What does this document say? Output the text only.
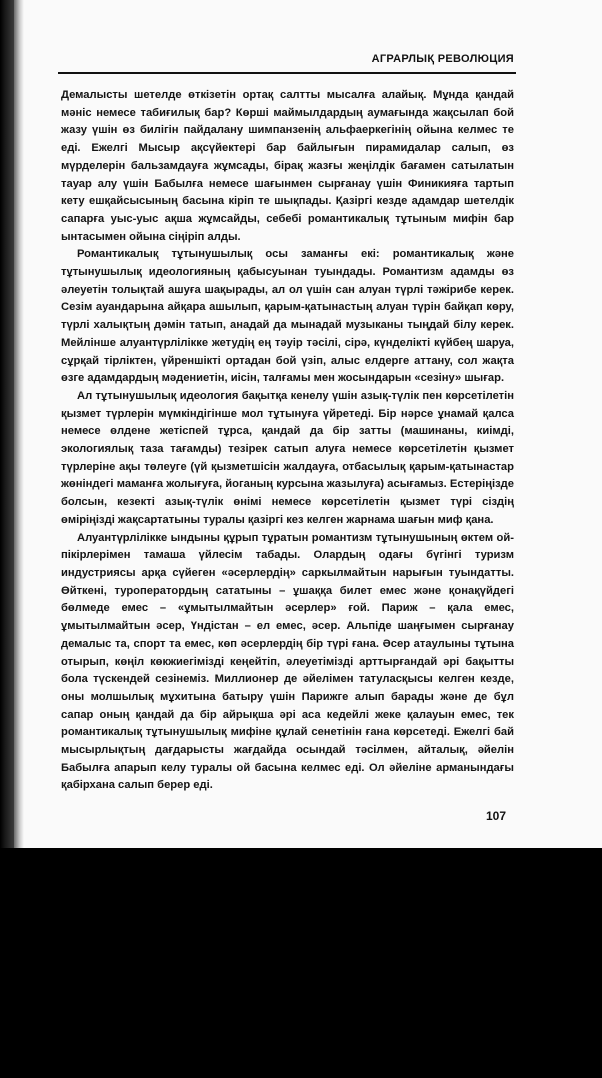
АГРАРЛЫҚ РЕВОЛЮЦИЯ

Демалысты шетелде өткізетін ортақ салтты мысалға алайық. Мұнда қандай мәніс немесе табиғилық бар? Көрші маймылдардың аумағында жақсылап бой жазу үшін өз билігін пайдалану шимпанзенің альфаеркегінің ойына келмес те еді. Ежелгі Мысыр ақсүйектері бар байлығын пирамидалар салып, өз мүрделерін бальзамдауға жұмсады, бірақ жазғы жеңілдік бағамен сатылатын тауар алу үшін Бабылға немесе шағынмен сырғанау үшін Финикияға тартып кету ешқайсысының басына кіріп те шықпады. Қазіргі кезде адамдар шетелдік сапарға уыс-уыс ақша жұмсайды, себебі романтикалық тұтыным мифін бар ынтасымен ойына сіңіріп алды.

Романтикалық тұтынушылық осы заманғы екі: романтикалық және тұтынушылық идеологияның қабысуынан туындады. Романтизм адамды өз әлеуетін толықтай ашуға шақырады, ал ол үшін сан алуан түрлі тәжірибе керек. Сезім ауандарына айқара ашылып, қарым-қатынастың алуан түрін байқап көру, түрлі халықтың дәмін татып, анадай да мынадай музыканы тыңдай білу керек. Мейлінше алуантүрлілікке жетудің ең тәуір тәсілі, сірә, күнделікті күйбең шаруа, сұрқай тірліктен, үйреншікті ортадан бой үзіп, алыс елдерге аттану, сол жақта өзге адамдардың мәдениетін, иісін, талғамы мен жосындарын «сезіну» шығар.

Ал тұтынушылық идеология бақытқа кенелу үшін азық-түлік пен көрсетілетін қызмет түрлерін мүмкіндігінше мол тұтынуға үйретеді. Бір нәрсе ұнамай қалса немесе өлдене жетіспей тұрса, қандай да бір затты (машинаны, киімді, экологиялық таза тағамды) тезірек сатып алуға немесе көрсетілетін қызмет түрлеріне ақы төлеуге (үй қызметшісін жалдауға, отбасылық қарым-қатынастар жөніндегі маманға жолығуға, йоганың курсына жазылуға) асығамыз. Естеріңізде болсын, кезекті азық-түлік өнімі немесе көрсетілетін қызмет түрі сіздің өміріңізді жақсартатыны туралы қазіргі кез келген жарнама шағын миф қана.

Алуантүрлілікке ындыны құрып тұратын романтизм тұтынушының өктем ой-пікірлерімен тамаша үйлесім табады. Олардың одағы бүгінгі туризм индустриясы арқа сүйеген «әсерлердің» саркылмайтын нарығын туындатты. Өйткені, туроператордың сататыны – ұшаққа билет емес және қонақүйдегі бөлмеде емес – «ұмытылмайтын әсерлер» ғой. Париж – қала емес, ұмытылмайтын әсер, Үндістан – ел емес, әсер. Альпіде шаңғымен сырғанау демалыс та, спорт та емес, көп әсерлердің бір түрі ғана. Әсер атаулыны тұтына отырып, көңіл көкжиегімізді кеңейтіп, әлеуетімізді арттырғандай әрі бақытты бола түскендей сезінеміз. Миллионер де әйелімен татуласқысы келген кезде, оны молшылық мұхитына батыру үшін Парижге алып барады және де бұл сапар оның қандай да бір айрықша әрі аса кедейлі жеке қалауын емес, тек романтикалық тұтынушылық мифіне құлай сенетінін ғана көрсетеді. Ежелгі бай мысырлықтың дағдарысты жағдайда осындай тәсілмен, айталық, әйелін Бабылға апарып келу туралы ой басына келмес еді. Ол әйеліне арманындағы қабірхана салып берер еді.

107
